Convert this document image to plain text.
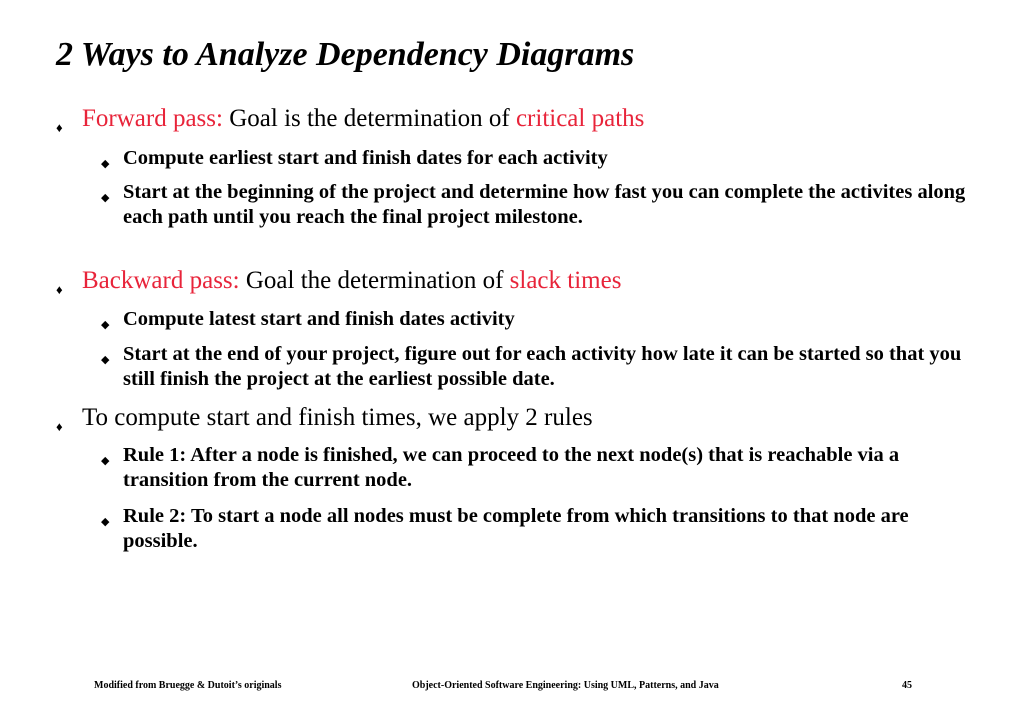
2 Ways to Analyze Dependency Diagrams
♦ Forward pass: Goal is the determination of critical paths
◆ Compute earliest start and finish dates for each activity
◆ Start at the beginning of the project and determine how fast you can complete the activites along each path until you reach the final project milestone.
♦ Backward pass: Goal the determination of slack times
◆ Compute latest start and finish dates activity
◆ Start at the end of your project, figure out for each activity how late it can be started so that you still finish the project at the earliest possible date.
♦ To compute start and finish times, we apply 2 rules
◆ Rule 1: After a node is finished, we can proceed to the next node(s) that is reachable via a transition from the current node.
◆ Rule 2: To start a node all nodes must be complete from which transitions to that node are possible.
Modified from Bruegge & Dutoit’s originals	Object-Oriented Software Engineering: Using UML, Patterns, and Java	45
